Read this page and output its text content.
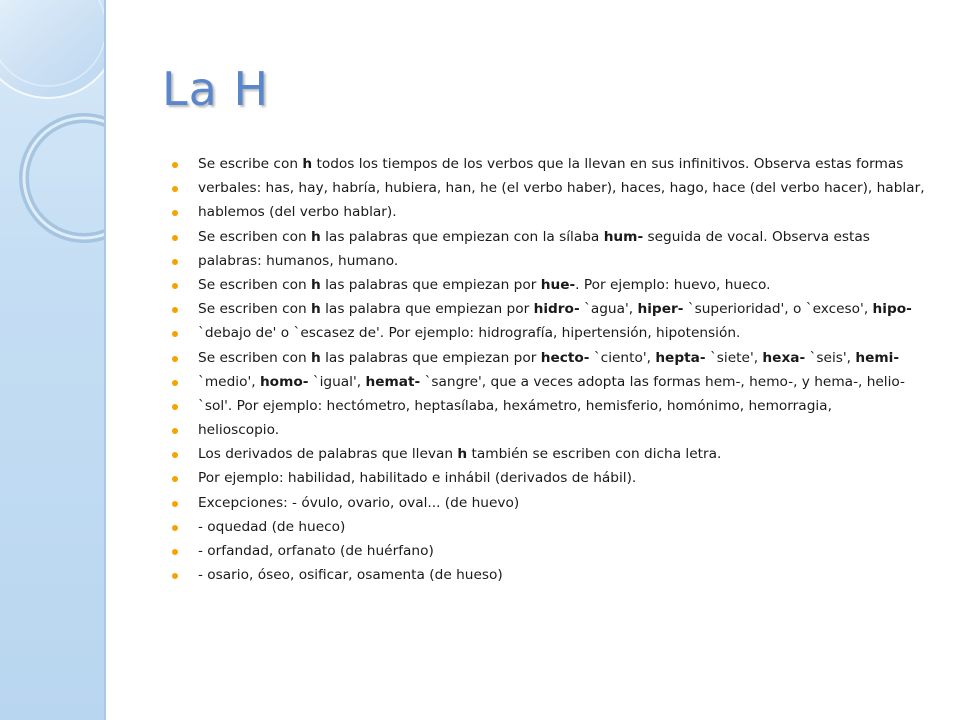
La H
Se escribe con h todos los tiempos de los verbos que la llevan en sus infinitivos. Observa estas formas
verbales: has, hay, habría, hubiera, han, he (el verbo haber), haces, hago, hace (del verbo hacer), hablar,
hablemos (del verbo hablar).
Se escriben con h las palabras que empiezan con la sílaba hum- seguida de vocal. Observa estas
palabras: humanos, humano.
Se escriben con h las palabras que empiezan por hue-. Por ejemplo: huevo, hueco.
Se escriben con h las palabra que empiezan por hidro- `agua', hiper- `superioridad', o `exceso', hipo-
`debajo de' o `escasez de'. Por ejemplo: hidrografía, hipertensión, hipotensión.
Se escriben con h las palabras que empiezan por hecto- `ciento', hepta- `siete', hexa- `seis', hemi-
`medio', homo- `igual', hemat- `sangre', que a veces adopta las formas hem-, hemo-, y hema-, helio-
`sol'. Por ejemplo: hectómetro, heptasílaba, hexámetro, hemisferio, homónimo, hemorragia,
helioscopio.
Los derivados de palabras que llevan h también se escriben con dicha letra.
Por ejemplo: habilidad, habilitado e inhábil (derivados de hábil).
Excepciones: - óvulo, ovario, oval... (de huevo)
- oquedad (de hueco)
- orfandad, orfanato (de huérfano)
- osario, óseo, osificar, osamenta (de hueso)
